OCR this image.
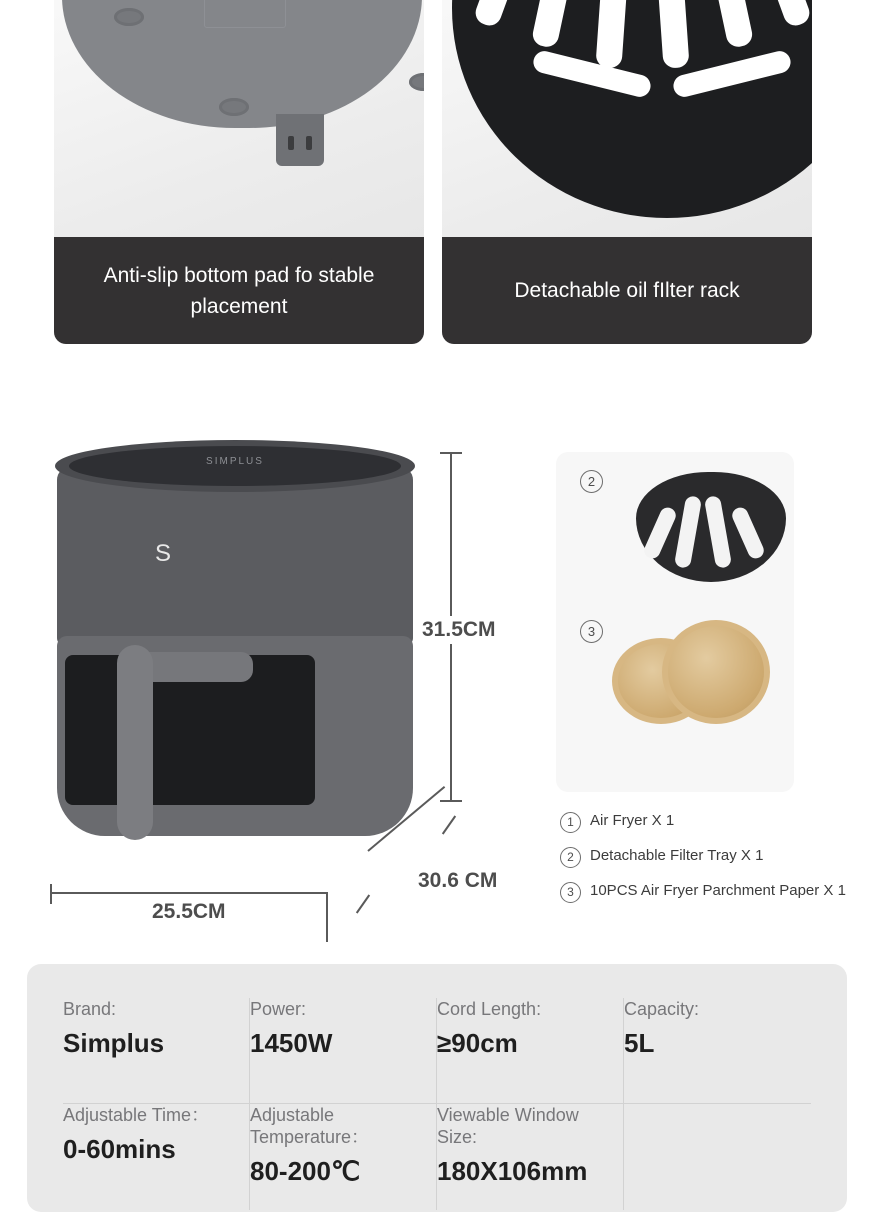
Anti-slip bottom pad fo stable placement
Detachable oil fIlter rack
SIMPLUS
S
31.5CM
30.6 CM
25.5CM
2
3
1	Air Fryer X 1
2	Detachable Filter Tray X 1
3	10PCS Air Fryer Parchment Paper X 1
Brand:
Simplus
Power:
1450W
Cord Length:
≥90cm
Capacity:
5L
Adjustable Time：
0-60mins
Adjustable Temperature：
80-200℃
Viewable Window Size:
180X106mm
